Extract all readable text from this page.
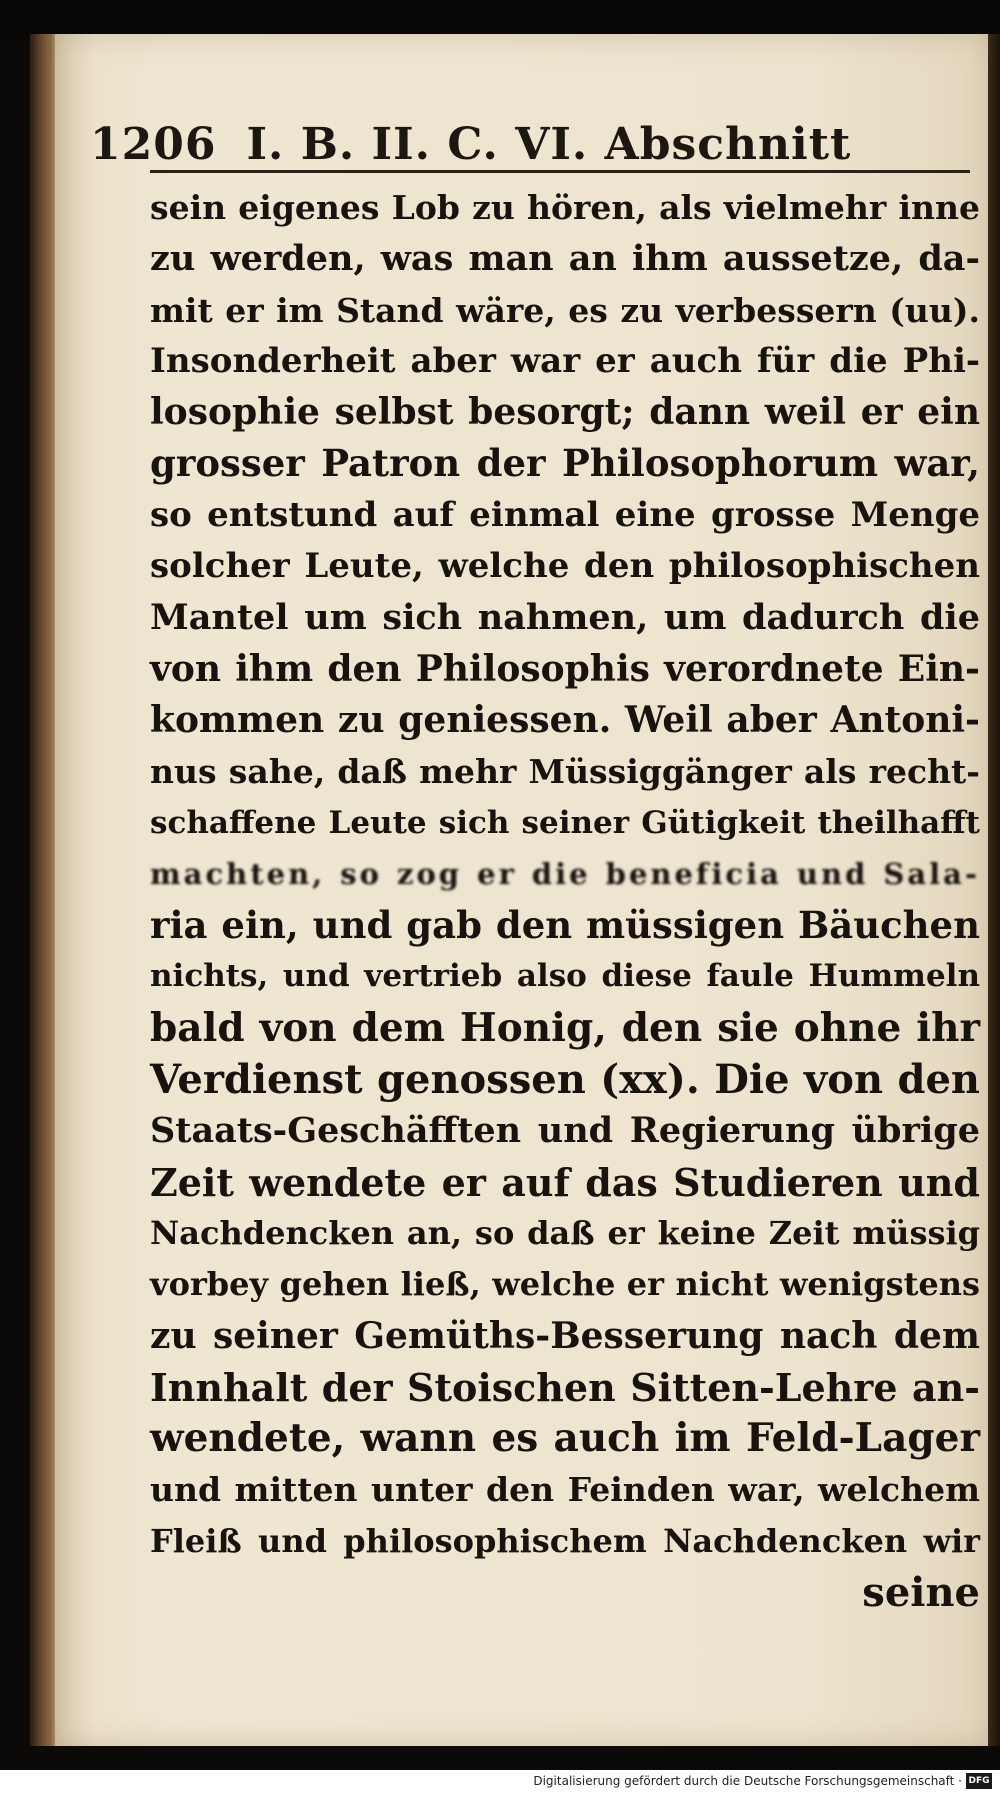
1206 I. B. II. C. VI. Abschnitt
sein eigenes Lob zu hören, als vielmehr inne
zu werden, was man an ihm aussetze, da-
mit er im Stand wäre, es zu verbessern (uu).
Insonderheit aber war er auch für die Phi-
losophie selbst besorgt; dann weil er ein
grosser Patron der Philosophorum war,
so entstund auf einmal eine grosse Menge
solcher Leute, welche den philosophischen
Mantel um sich nahmen, um dadurch die
von ihm den Philosophis verordnete Ein-
kommen zu geniessen. Weil aber Antoni-
nus sahe, daß mehr Müssiggänger als recht-
schaffene Leute sich seiner Gütigkeit theilhafft
machten, so zog er die beneficia und Sala-
ria ein, und gab den müssigen Bäuchen
nichts, und vertrieb also diese faule Hummeln
bald von dem Honig, den sie ohne ihr
Verdienst genossen (xx). Die von den
Staats-Geschäfften und Regierung übrige
Zeit wendete er auf das Studieren und
Nachdencken an, so daß er keine Zeit müssig
vorbey gehen ließ, welche er nicht wenigstens
zu seiner Gemüths-Besserung nach dem
Innhalt der Stoischen Sitten-Lehre an-
wendete, wann es auch im Feld-Lager
und mitten unter den Feinden war, welchem
Fleiß und philosophischem Nachdencken wir
seine
Digitalisierung gefördert durch die Deutsche Forschungsgemeinschaft · DFG
